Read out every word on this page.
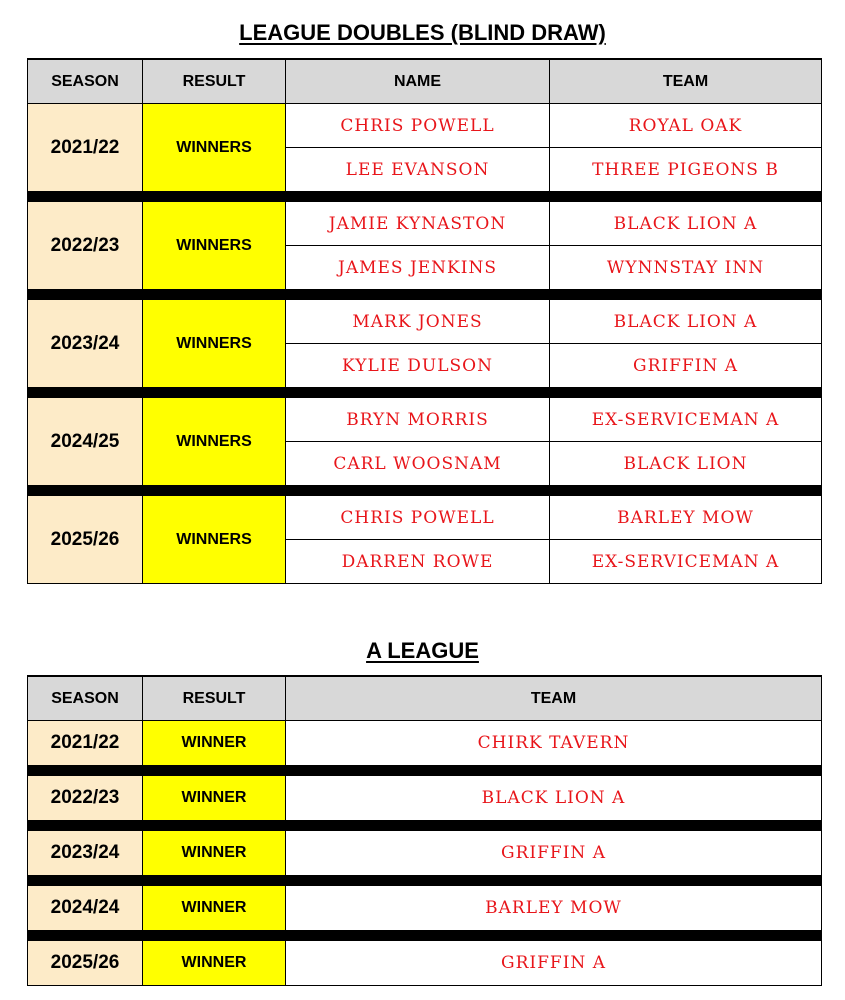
LEAGUE DOUBLES (BLIND DRAW)
SEASON	RESULT	NAME	TEAM
2021/22	WINNERS	CHRIS POWELL	ROYAL OAK
		LEE EVANSON	THREE PIGEONS B

2022/23	WINNERS	JAMIE KYNASTON	BLACK LION A
		JAMES JENKINS	WYNNSTAY INN

2023/24	WINNERS	MARK JONES	BLACK LION A
		KYLIE DULSON	GRIFFIN A

2024/25	WINNERS	BRYN MORRIS	EX-SERVICEMAN A
		CARL WOOSNAM	BLACK LION

2025/26	WINNERS	CHRIS POWELL	BARLEY MOW
		DARREN ROWE	EX-SERVICEMAN A
A LEAGUE
SEASON	RESULT	TEAM
2021/22	WINNER	CHIRK TAVERN

2022/23	WINNER	BLACK LION A

2023/24	WINNER	GRIFFIN A

2024/24	WINNER	BARLEY MOW

2025/26	WINNER	GRIFFIN A
